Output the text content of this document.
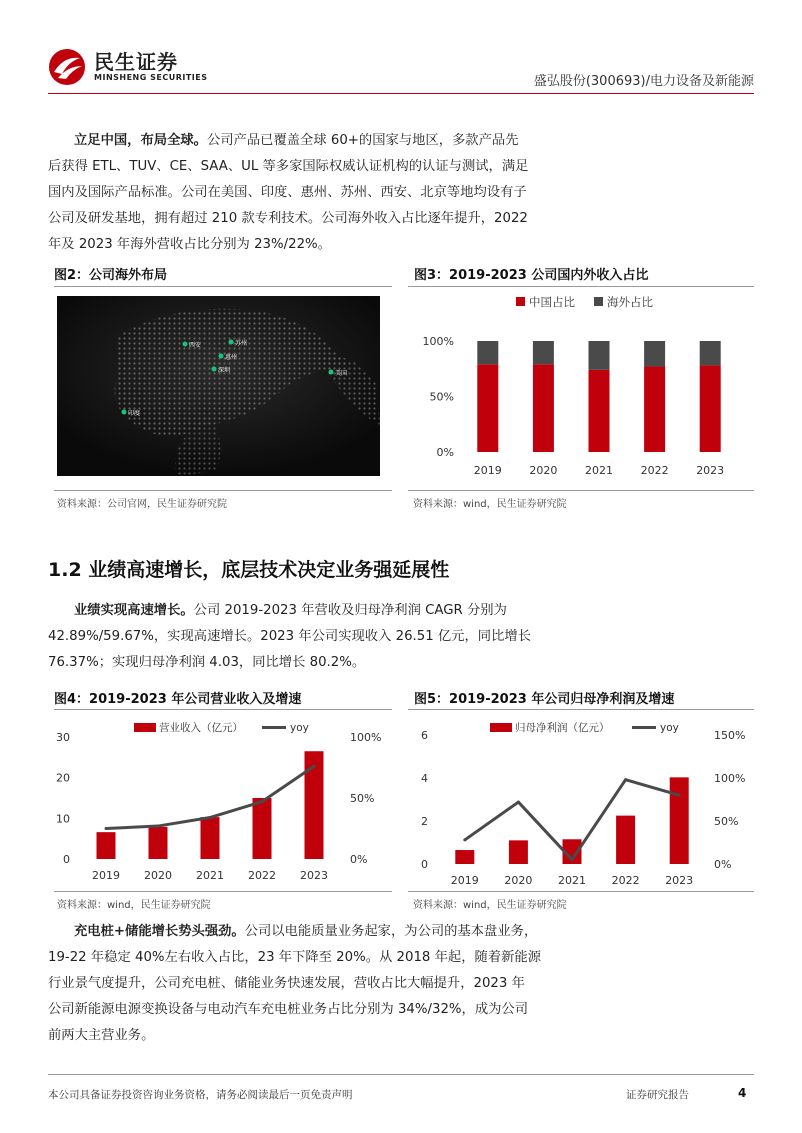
民生证券
MINSHENG SECURITIES	盛弘股份(300693)/电力设备及新能源
立足中国，布局全球。公司产品已覆盖全球 60+的国家与地区，多款产品先
后获得 ETL、TUV、CE、SAA、UL 等多家国际权威认证机构的认证与测试，满足
国内及国际产品标准。公司在美国、印度、惠州、苏州、西安、北京等地均设有子
公司及研发基地，拥有超过 210 款专利技术。公司海外收入占比逐年提升，2022
年及 2023 年海外营收占比分别为 23%/22%。
图2：公司海外布局
西安	苏州
惠州
深圳	美国
印度
资料来源：公司官网，民生证券研究院
图3：2019-2023 公司国内外收入占比
中国占比	海外占比
100%
50%
0%
2019	2020	2021	2022	2023
资料来源：wind，民生证券研究院
1.2 业绩高速增长，底层技术决定业务强延展性
业绩实现高速增长。公司 2019-2023 年营收及归母净利润 CAGR 分别为
42.89%/59.67%，实现高速增长。2023 年公司实现收入 26.51 亿元，同比增长
76.37%；实现归母净利润 4.03，同比增长 80.2%。
图4：2019-2023 年公司营业收入及增速
营业收入（亿元）	yoy
0
10
20
30
0%
50%
100%
2019 2020 2021 2022 2023
资料来源：wind，民生证券研究院
图5：2019-2023 年公司归母净利润及增速
归母净利润（亿元）	yoy
0
2
4
6
0%
50%
100%
150%
2019 2020 2021 2022 2023
资料来源：wind，民生证券研究院
充电桩+储能增长势头强劲。公司以电能质量业务起家，为公司的基本盘业务，
19-22 年稳定 40%左右收入占比，23 年下降至 20%。从 2018 年起，随着新能源
行业景气度提升，公司充电桩、储能业务快速发展，营收占比大幅提升，2023 年
公司新能源电源变换设备与电动汽车充电桩业务占比分别为 34%/32%，成为公司
前两大主营业务。
本公司具备证券投资咨询业务资格，请务必阅读最后一页免责声明	证券研究报告	4
